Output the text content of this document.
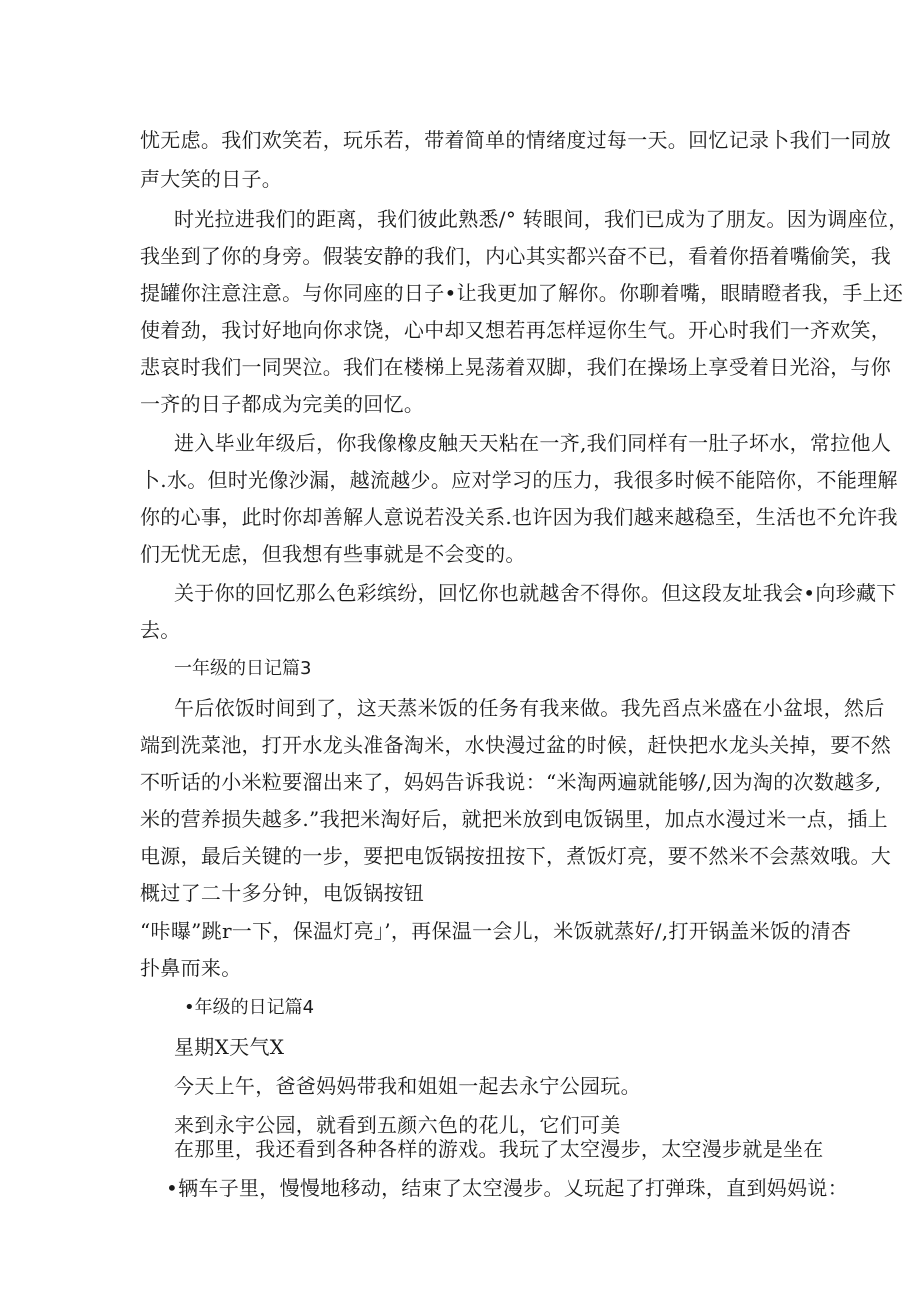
忧无虑。我们欢笑若，玩乐若，带着简单的情绪度过每一天。回忆记录卜我们一同放

声大笑的日子。

时光拉进我们的距离，我们彼此熟悉/° 转眼间，我们已成为了朋友。因为调座位，

我坐到了你的身旁。假装安静的我们，内心其实都兴奋不已，看着你捂着嘴偷笑，我

提罐你注意注意。与你同座的日子•让我更加了解你。你聊着嘴，眼睛瞪者我，手上还

使着劲，我讨好地向你求饶，心中却又想若再怎样逗你生气。开心时我们一齐欢笑，

悲哀时我们一同哭泣。我们在楼梯上晃荡着双脚，我们在操场上享受着日光浴，与你

一齐的日子都成为完美的回忆。

进入毕业年级后，你我像橡皮触天天粘在一齐,我们同样有一肚子坏水，常拉他人

卜.水。但时光像沙漏，越流越少。应对学习的压力，我很多时候不能陪你，不能理解

你的心事，此时你却善解人意说若没关系.也许因为我们越来越稳至，生活也不允许我

们无忧无虑，但我想有些事就是不会变的。

关于你的回忆那么色彩缤纷，回忆你也就越舍不得你。但这段友址我会•向珍藏下

去。

一年级的日记篇3

午后依饭时间到了，这天蒸米饭的任务有我来做。我先舀点米盛在小盆垠，然后

端到洗菜池，打开水龙头准备淘米，水快漫过盆的时候，赶快把水龙头关掉，要不然

不听话的小米粒要溜出来了，妈妈告诉我说：“米淘两遍就能够/,因为淘的次数越多,

米的营养损失越多.”我把米淘好后，就把米放到电饭锅里，加点水漫过米一点，插上

电源，最后关键的一步，要把电饭锅按扭按下，煮饭灯亮，要不然米不会蒸效哦。大

概过了二十多分钟，电饭锅按钮

“咔曝”跳r一下，保温灯亮」’，再保温一会儿，米饭就蒸好/,打开锅盖米饭的清杏

扑鼻而来。

•年级的日记篇4

星期X天气X

今天上午，爸爸妈妈带我和姐姐一起去永宁公园玩。

来到永宇公园，就看到五颜六色的花儿，它们可美

在那里，我还看到各种各样的游戏。我玩了太空漫步，太空漫步就是坐在

•辆车子里，慢慢地移动，结束了太空漫步。乂玩起了打弹珠，直到妈妈说：
